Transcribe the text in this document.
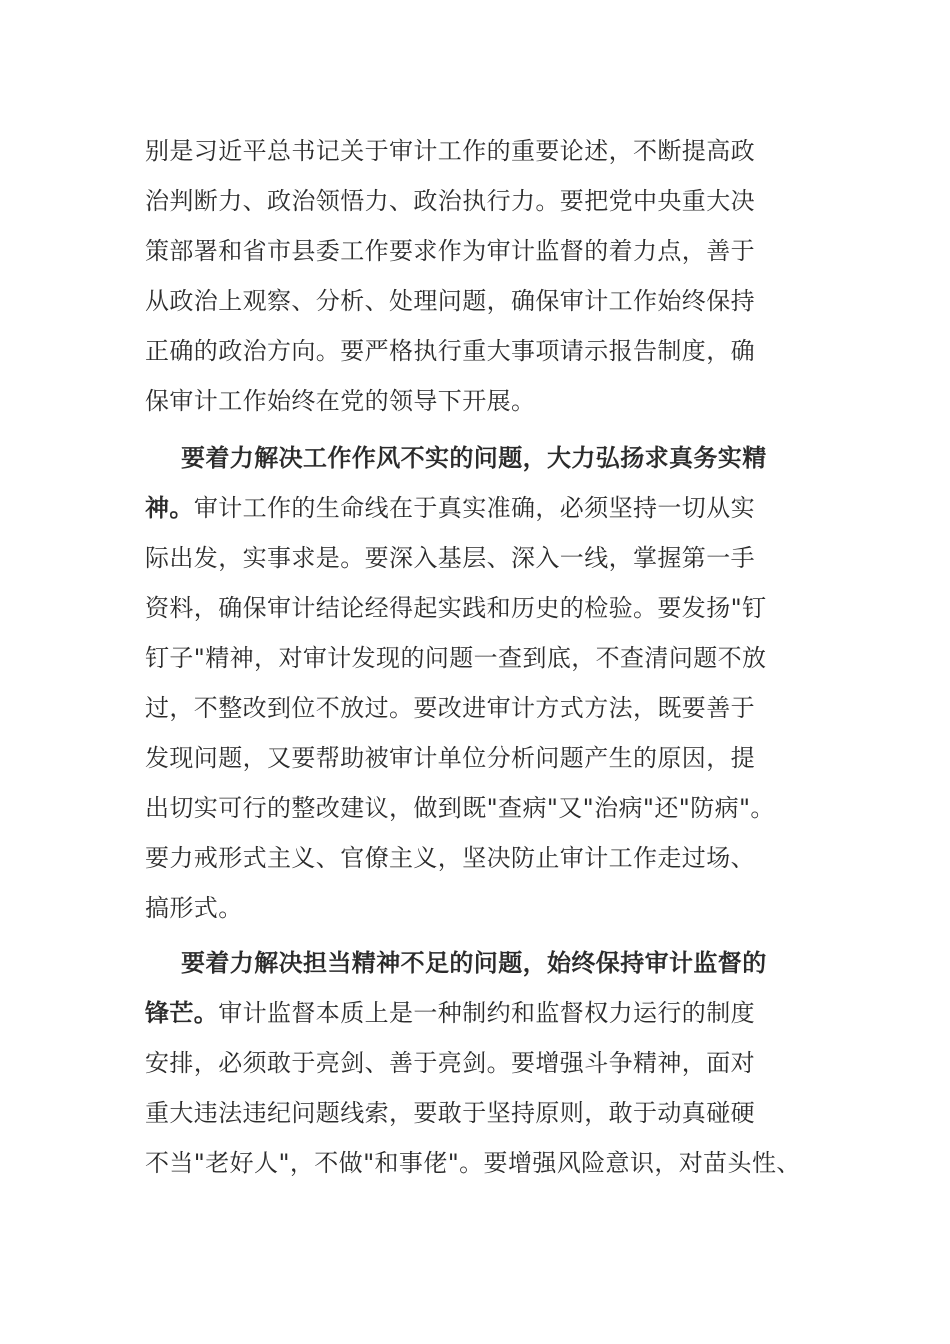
别是习近平总书记关于审计工作的重要论述，不断提高政
治判断力、政治领悟力、政治执行力。要把党中央重大决
策部署和省市县委工作要求作为审计监督的着力点，善于
从政治上观察、分析、处理问题，确保审计工作始终保持
正确的政治方向。要严格执行重大事项请示报告制度，确
保审计工作始终在党的领导下开展。
要着力解决工作作风不实的问题，大力弘扬求真务实精
神。审计工作的生命线在于真实准确，必须坚持一切从实
际出发，实事求是。要深入基层、深入一线，掌握第一手
资料，确保审计结论经得起实践和历史的检验。要发扬"钉
钉子"精神，对审计发现的问题一查到底，不查清问题不放
过，不整改到位不放过。要改进审计方式方法，既要善于
发现问题，又要帮助被审计单位分析问题产生的原因，提
出切实可行的整改建议，做到既"查病"又"治病"还"防病"。
要力戒形式主义、官僚主义，坚决防止审计工作走过场、
搞形式。
要着力解决担当精神不足的问题，始终保持审计监督的
锋芒。审计监督本质上是一种制约和监督权力运行的制度
安排，必须敢于亮剑、善于亮剑。要增强斗争精神，面对
重大违法违纪问题线索，要敢于坚持原则，敢于动真碰硬
不当"老好人"，不做"和事佬"。要增强风险意识，对苗头性、
